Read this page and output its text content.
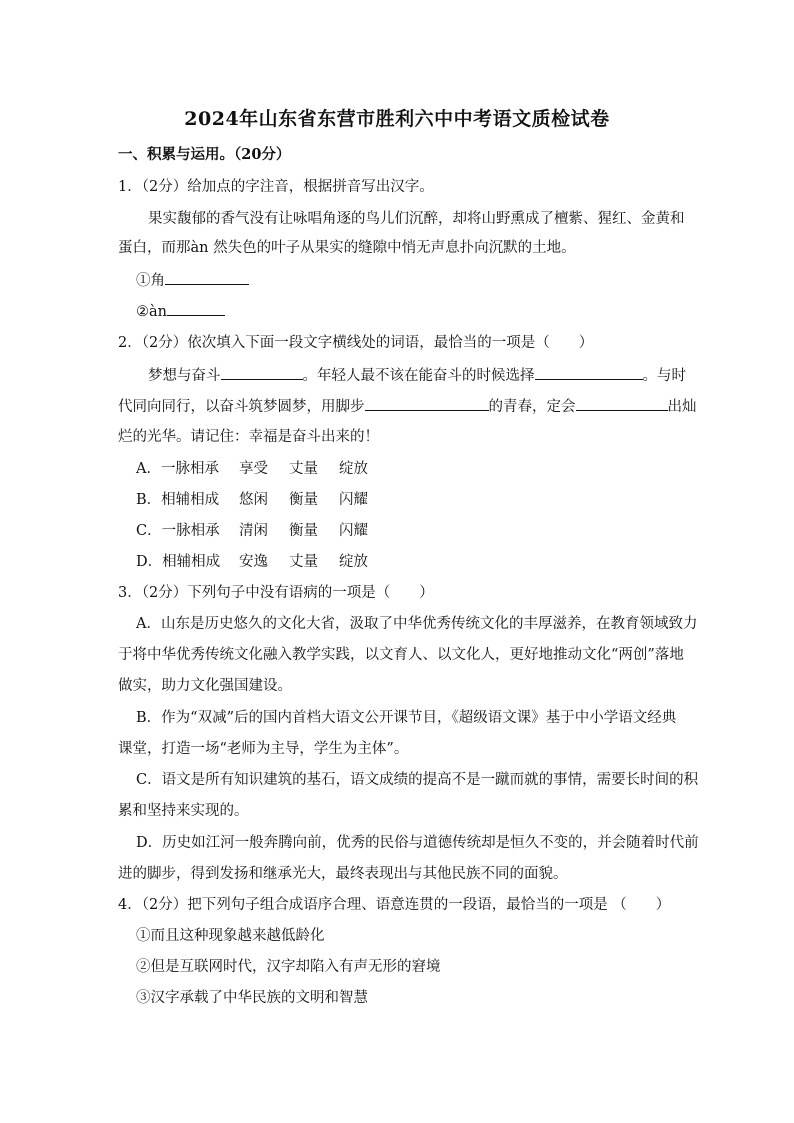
2024年山东省东营市胜利六中中考语文质检试卷
一、积累与运用。（20分）
1．（2分）给加点的字注音，根据拼音写出汉字。
果实馥郁的香气没有让咏唱角逐的鸟儿们沉醉，却将山野熏成了檀紫、猩红、金黄和
蛋白，而那àn 然失色的叶子从果实的缝隙中悄无声息扑向沉默的土地。
①角
②àn
2．（2分）依次填入下面一段文字横线处的词语，最恰当的一项是（　　）
梦想与奋斗	。年轻人最不该在能奋斗的时候选择	。与时
代同向同行，以奋斗筑梦圆梦，用脚步	的青春，定会	出灿
烂的光华。请记住：幸福是奋斗出来的！
A．一脉相承 享受 丈量 绽放
B．相辅相成 悠闲 衡量 闪耀
C．一脉相承 清闲 衡量 闪耀
D．相辅相成 安逸 丈量 绽放
3．（2分）下列句子中没有语病的一项是（　　）
A．山东是历史悠久的文化大省，汲取了中华优秀传统文化的丰厚滋养，在教育领域致力
于将中华优秀传统文化融入教学实践，以文育人、以文化人，更好地推动文化“两创”落地
做实，助力文化强国建设。
B．作为“双减”后的国内首档大语文公开课节目，《超级语文课》基于中小学语文经典
课堂，打造一场“老师为主导，学生为主体”。
C．语文是所有知识建筑的基石，语文成绩的提高不是一蹴而就的事情，需要长时间的积
累和坚持来实现的。
D．历史如江河一般奔腾向前，优秀的民俗与道德传统却是恒久不变的，并会随着时代前
进的脚步，得到发扬和继承光大，最终表现出与其他民族不同的面貌。
4．（2分）把下列句子组合成语序合理、语意连贯的一段语，最恰当的一项是 （　　）
①而且这种现象越来越低龄化
②但是互联网时代，汉字却陷入有声无形的窘境
③汉字承载了中华民族的文明和智慧
